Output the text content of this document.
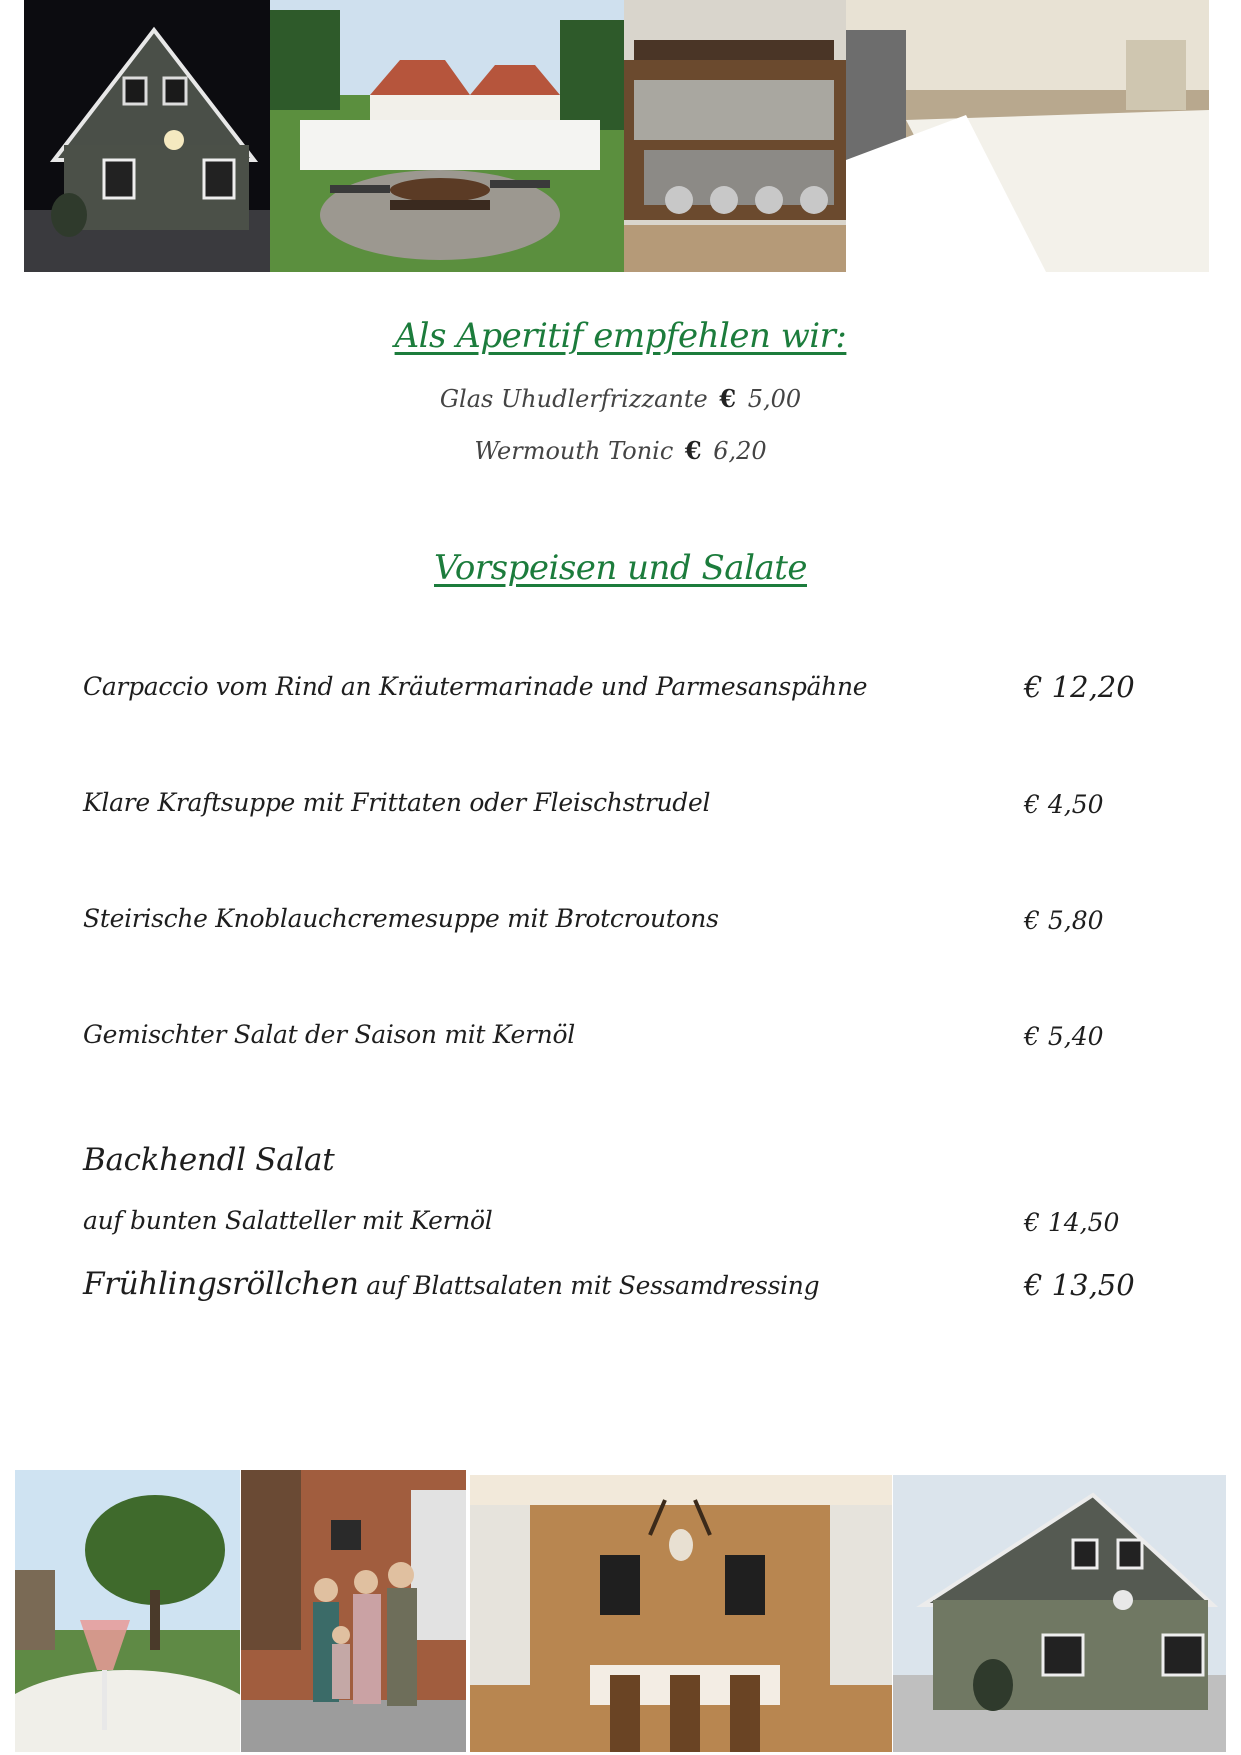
Als Aperitif empfehlen wir:
Glas Uhudlerfrizzante € 5,00
Wermouth Tonic € 6,20
Vorspeisen und Salate
Carpaccio vom Rind an Kräutermarinade und Parmesanspähne	€ 12,20
Klare Kraftsuppe mit Frittaten oder Fleischstrudel	€ 4,50
Steirische Knoblauchcremesuppe mit Brotcroutons	€ 5,80
Gemischter Salat der Saison mit Kernöl	€ 5,40
Backhendl Salat
auf bunten Salatteller mit Kernöl	€ 14,50
Frühlingsröllchen auf Blattsalaten mit Sessamdressing	€ 13,50
